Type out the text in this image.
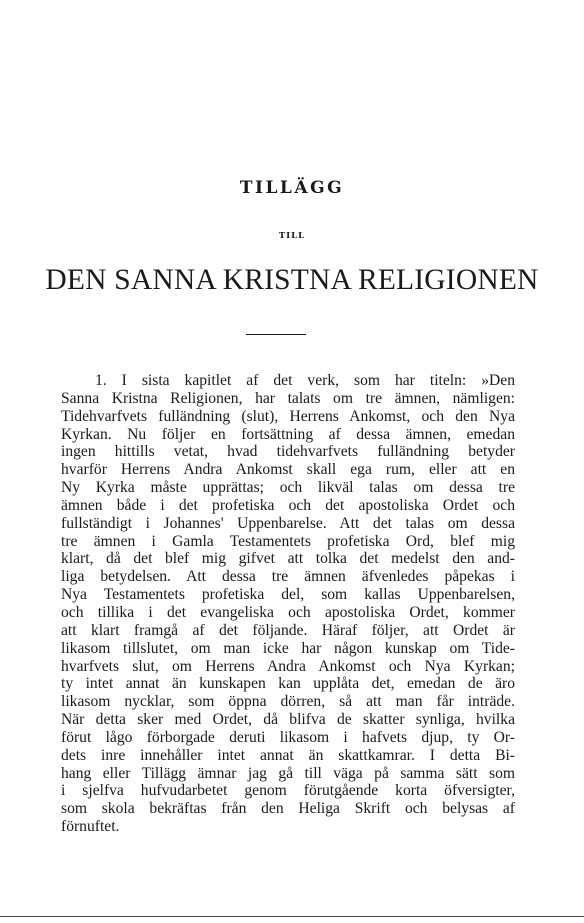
TILLÄGG
TILL
DEN SANNA KRISTNA RELIGIONEN
1. I sista kapitlet af det verk, som har titeln: »Den
Sanna Kristna Religionen, har talats om tre ämnen, nämligen:
Tidehvarfvets fulländning (slut), Herrens Ankomst, och den Nya
Kyrkan. Nu följer en fortsättning af dessa ämnen, emedan
ingen hittills vetat, hvad tidehvarfvets fulländning betyder
hvarför Herrens Andra Ankomst skall ega rum, eller att en
Ny Kyrka måste upprättas; och likväl talas om dessa tre
ämnen både i det profetiska och det apostoliska Ordet och
fullständigt i Johannes' Uppenbarelse. Att det talas om dessa
tre ämnen i Gamla Testamentets profetiska Ord, blef mig
klart, då det blef mig gifvet att tolka det medelst den and-
liga betydelsen. Att dessa tre ämnen äfvenledes påpekas i
Nya Testamentets profetiska del, som kallas Uppenbarelsen,
och tillika i det evangeliska och apostoliska Ordet, kommer
att klart framgå af det följande. Häraf följer, att Ordet är
likasom tillslutet, om man icke har någon kunskap om Tide-
hvarfvets slut, om Herrens Andra Ankomst och Nya Kyrkan;
ty intet annat än kunskapen kan upplåta det, emedan de äro
likasom nycklar, som öppna dörren, så att man får inträde.
När detta sker med Ordet, då blifva de skatter synliga, hvilka
förut lågo förborgade deruti likasom i hafvets djup, ty Or-
dets inre innehåller intet annat än skattkamrar. I detta Bi-
hang eller Tillägg ämnar jag gå till väga på samma sätt som
i sjelfva hufvudarbetet genom förutgående korta öfversigter,
som skola bekräftas från den Heliga Skrift och belysas af
förnuftet.
